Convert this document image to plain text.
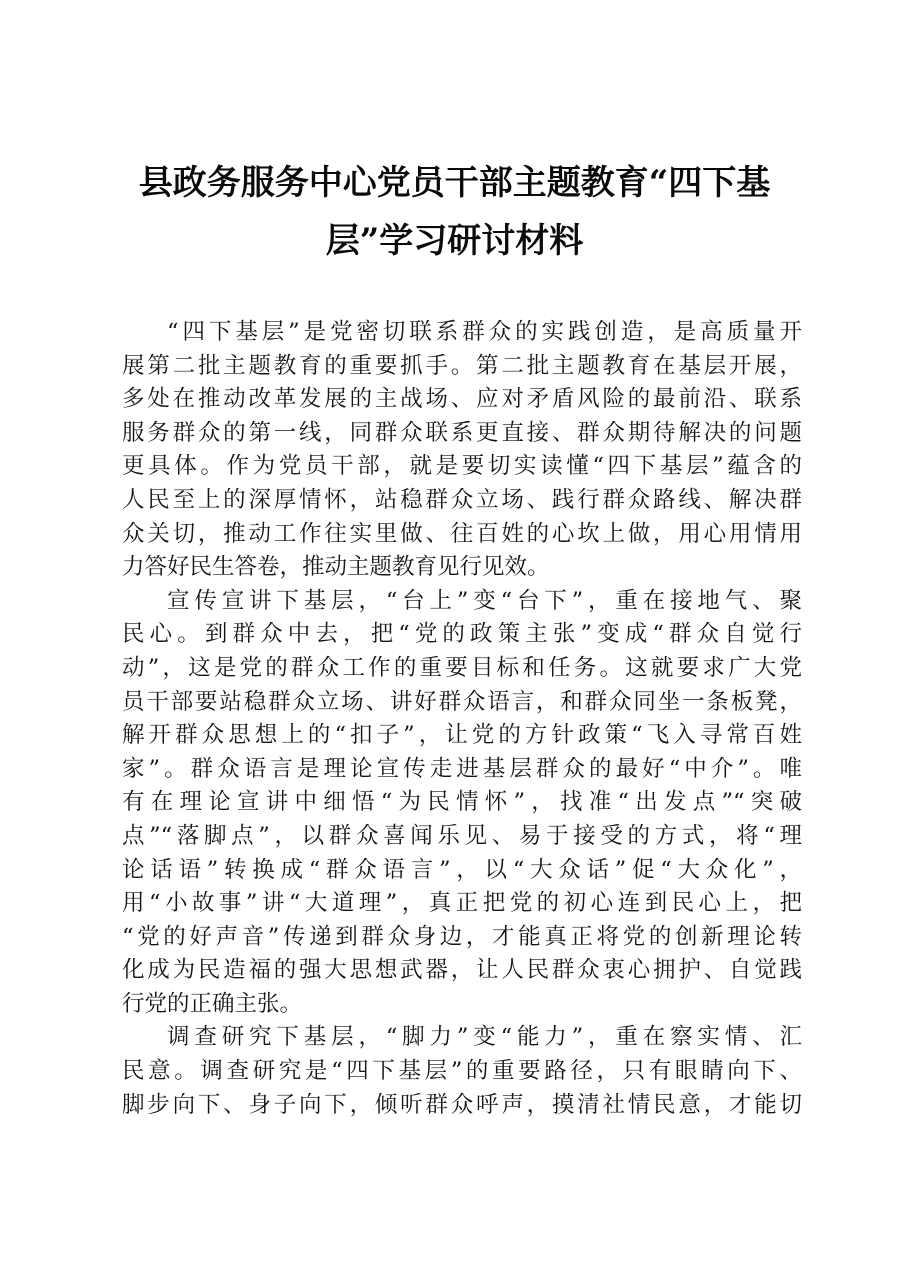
县政务服务中心党员干部主题教育“四下基
层”学习研讨材料
“四下基层”是党密切联系群众的实践创造，是高质量开
展第二批主题教育的重要抓手。第二批主题教育在基层开展，
多处在推动改革发展的主战场、应对矛盾风险的最前沿、联系
服务群众的第一线，同群众联系更直接、群众期待解决的问题
更具体。作为党员干部，就是要切实读懂“四下基层”蕴含的
人民至上的深厚情怀，站稳群众立场、践行群众路线、解决群
众关切，推动工作往实里做、往百姓的心坎上做，用心用情用
力答好民生答卷，推动主题教育见行见效。
宣传宣讲下基层，“台上”变“台下”，重在接地气、聚
民心。到群众中去，把“党的政策主张”变成“群众自觉行
动”，这是党的群众工作的重要目标和任务。这就要求广大党
员干部要站稳群众立场、讲好群众语言，和群众同坐一条板凳，
解开群众思想上的“扣子”，让党的方针政策“飞入寻常百姓
家”。群众语言是理论宣传走进基层群众的最好“中介”。唯
有在理论宣讲中细悟“为民情怀”，找准“出发点”“突破
点”“落脚点”，以群众喜闻乐见、易于接受的方式，将“理
论话语”转换成“群众语言”，以“大众话”促“大众化”，
用“小故事”讲“大道理”，真正把党的初心连到民心上，把
“党的好声音”传递到群众身边，才能真正将党的创新理论转
化成为民造福的强大思想武器，让人民群众衷心拥护、自觉践
行党的正确主张。
调查研究下基层，“脚力”变“能力”，重在察实情、汇
民意。调查研究是“四下基层”的重要路径，只有眼睛向下、
脚步向下、身子向下，倾听群众呼声，摸清社情民意，才能切
